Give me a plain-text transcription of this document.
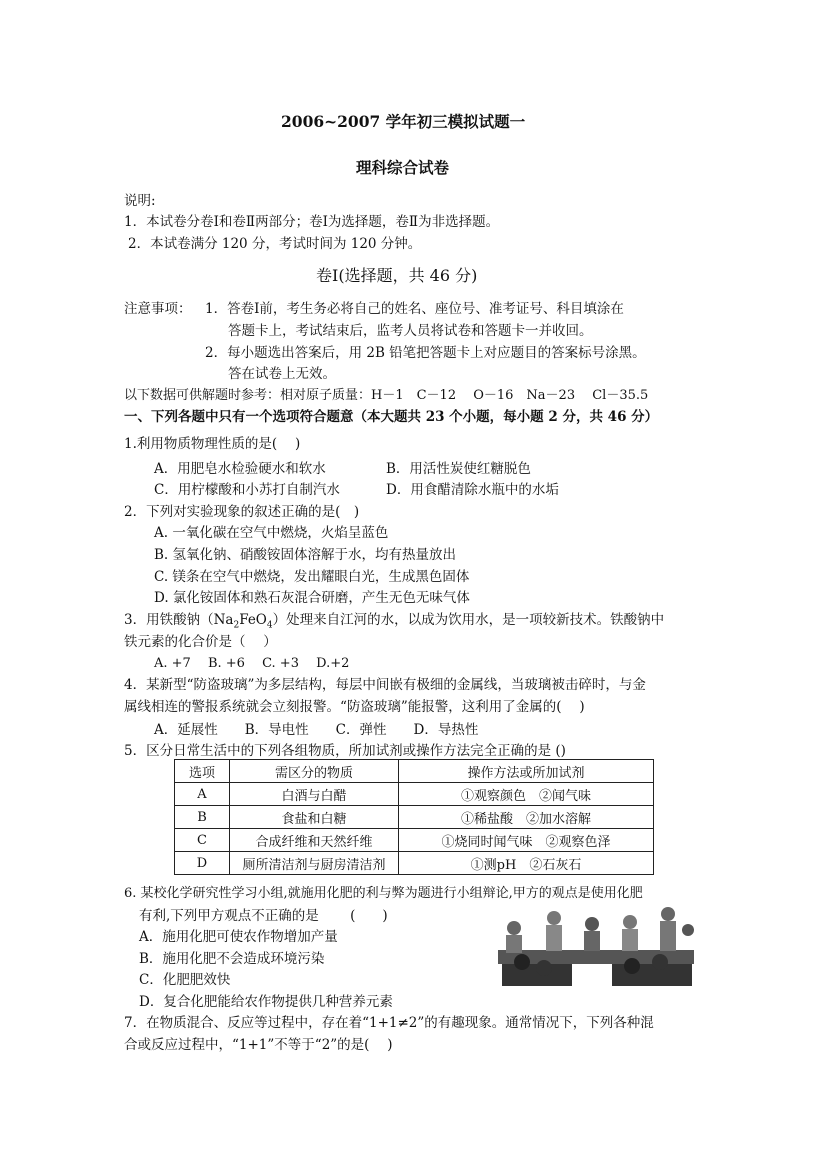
2006~2007 学年初三模拟试题一
理科综合试卷
说明:
1．本试卷分卷Ⅰ和卷Ⅱ两部分；卷Ⅰ为选择题，卷Ⅱ为非选择题。
2．本试卷满分 120 分，考试时间为 120 分钟。
卷Ⅰ(选择题，共 46 分)
注意事项： 1．答卷Ⅰ前，考生务必将自己的姓名、座位号、准考证号、科目填涂在
答题卡上，考试结束后，监考人员将试卷和答题卡一并收回。
2．每小题选出答案后，用 2B 铅笔把答题卡上对应题目的答案标号涂黑。
答在试卷上无效。
以下数据可供解题时参考：相对原子质量：H－1　C－12　 O－16　Na－23　 Cl－35.5
一、下列各题中只有一个选项符合题意（本大题共 23 个小题，每小题 2 分，共 46 分）
1.利用物质物理性质的是(　 )
A．用肥皂水检验硬水和软水	B．用活性炭使红糖脱色
C．用柠檬酸和小苏打自制汽水	D．用食醋清除水瓶中的水垢
2．下列对实验现象的叙述正确的是(　)
A. 一氧化碳在空气中燃烧，火焰呈蓝色
B. 氢氧化钠、硝酸铵固体溶解于水，均有热量放出
C. 镁条在空气中燃烧，发出耀眼白光，生成黑色固体
D. 氯化铵固体和熟石灰混合研磨，产生无色无味气体
3．用铁酸钠$(Na_2FeO_4)$处理来自江河的水，以成为饮用水，是一项较新技术。铁酸钠中
铁元素的化合价是（　 ）
A. +7　 B. +6　 C. +3　 D.+2
4．某新型“防盗玻璃”为多层结构，每层中间嵌有极细的金属线，当玻璃被击碎时，与金
属线相连的警报系统就会立刻报警。“防盗玻璃”能报警，这利用了金属的(　 )
A．延展性　　B．导电性　　C．弹性　　D．导热性
5．区分日常生活中的下列各组物质，所加试剂或操作方法完全正确的是 ()
选项	需区分的物质	操作方法或所加试剂
A	白酒与白醋	①观察颜色　②闻气味
B	食盐和白糖	①稀盐酸　②加水溶解
C	合成纤维和天然纤维	①烧同时闻气味　②观察色泽
D	厕所清洁剂与厨房清洁剂	①测pH　②石灰石
6. 某校化学研究性学习小组,就施用化肥的利与弊为题进行小组辩论,甲方的观点是使用化肥
有利,下列甲方观点不正确的是　　 (　　)
A．施用化肥可使农作物增加产量
B．施用化肥不会造成环境污染
C．化肥肥效快
D．复合化肥能给农作物提供几种营养元素
7．在物质混合、反应等过程中，存在着“1+1≠2”的有趣现象。通常情况下，下列各种混
合或反应过程中，“1+1”不等于“2”的是(　 )
